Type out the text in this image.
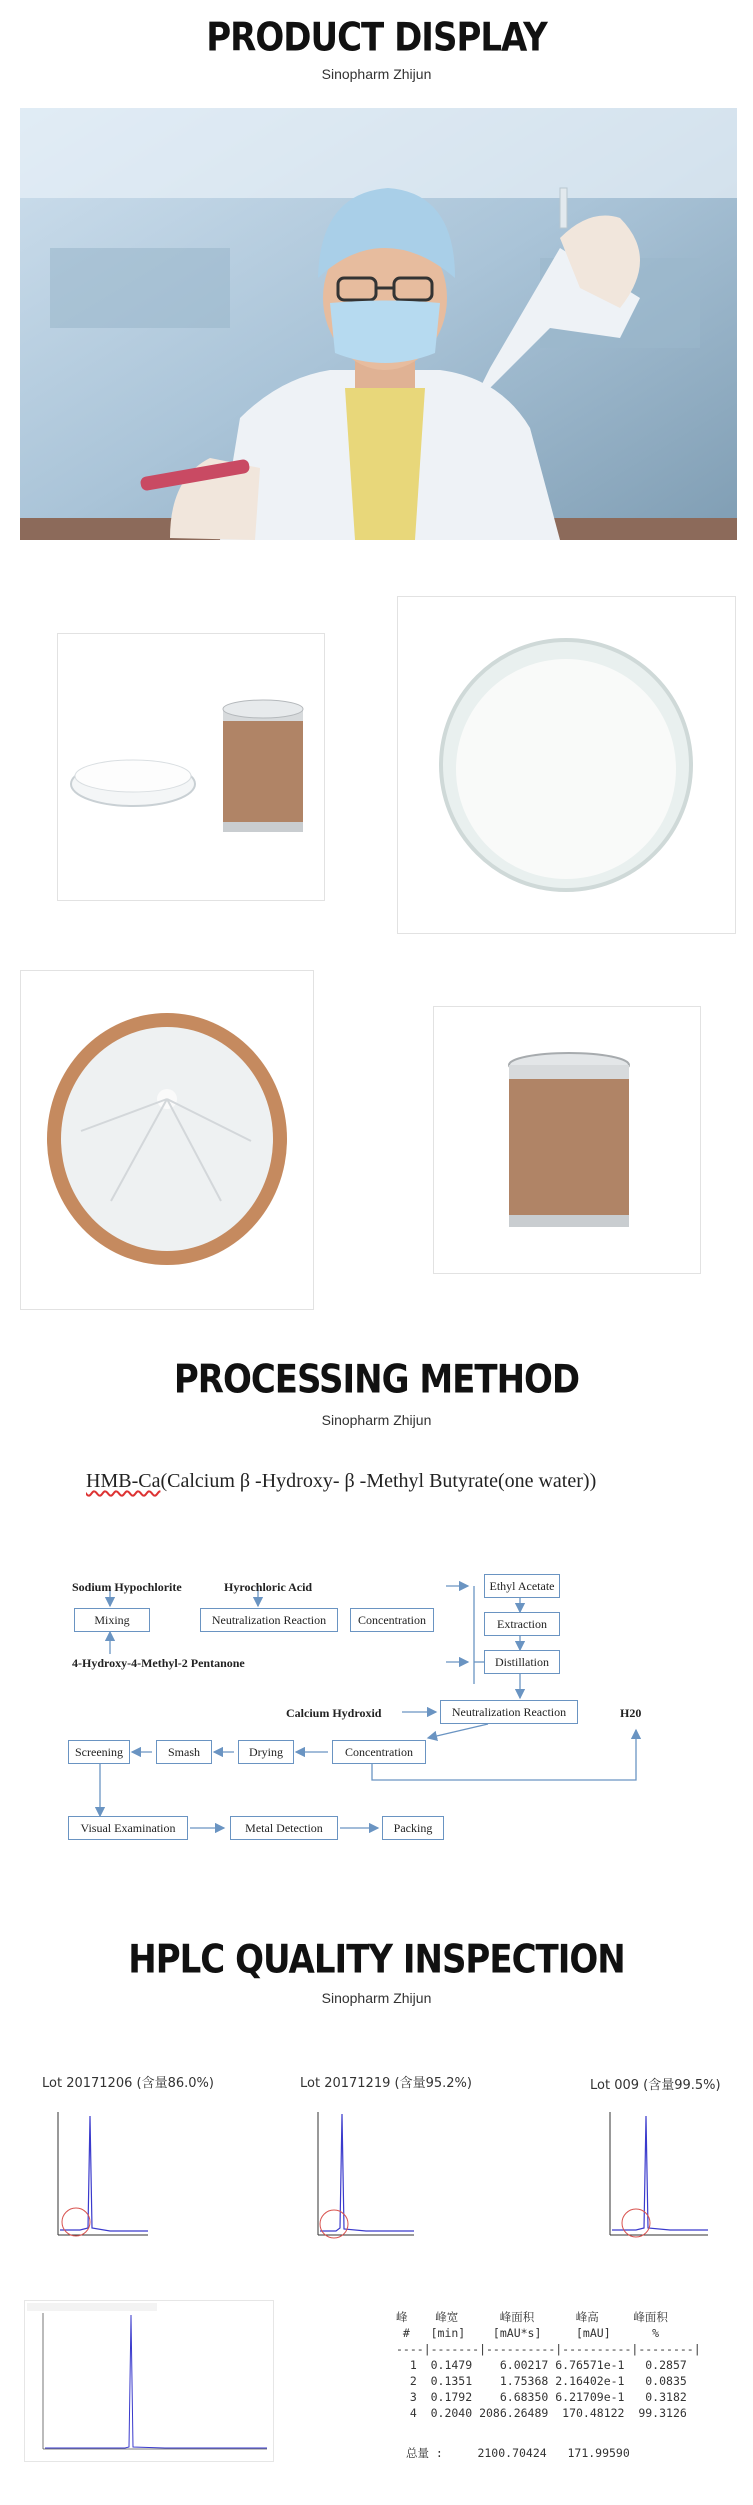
PRODUCT DISPLAY
Sinopharm Zhijun
PROCESSING METHOD
Sinopharm Zhijun
HMB-Ca(Calcium β -Hydroxy- β -Methyl Butyrate(one water))
Sodium Hypochlorite	Hyrochloric Acid
Mixing	Neutralization Reaction	Concentration
Ethyl Acetate
Extraction
Distillation
4-Hydroxy-4-Methyl-2 Pentanone
Calcium Hydroxid	Neutralization Reaction	H20
Screening	Smash	Drying	Concentration
Visual Examination	Metal Detection	Packing
HPLC QUALITY INSPECTION
Sinopharm Zhijun
Lot 20171206 (含量86.0%)	Lot 20171219 (含量95.2%)	Lot 009 (含量99.5%)
峰    峰宽      峰面积      峰高     峰面积
#   [min]    [mAU*s]     [mAU]      %
----|-------|----------|----------|--------|
1  0.1479    6.00217 6.76571e-1   0.2857
2  0.1351    1.75368 2.16402e-1   0.0835
3  0.1792    6.68350 6.21709e-1   0.3182
4  0.2040 2086.26489  170.48122  99.3126
总量 :     2100.70424   171.99590
